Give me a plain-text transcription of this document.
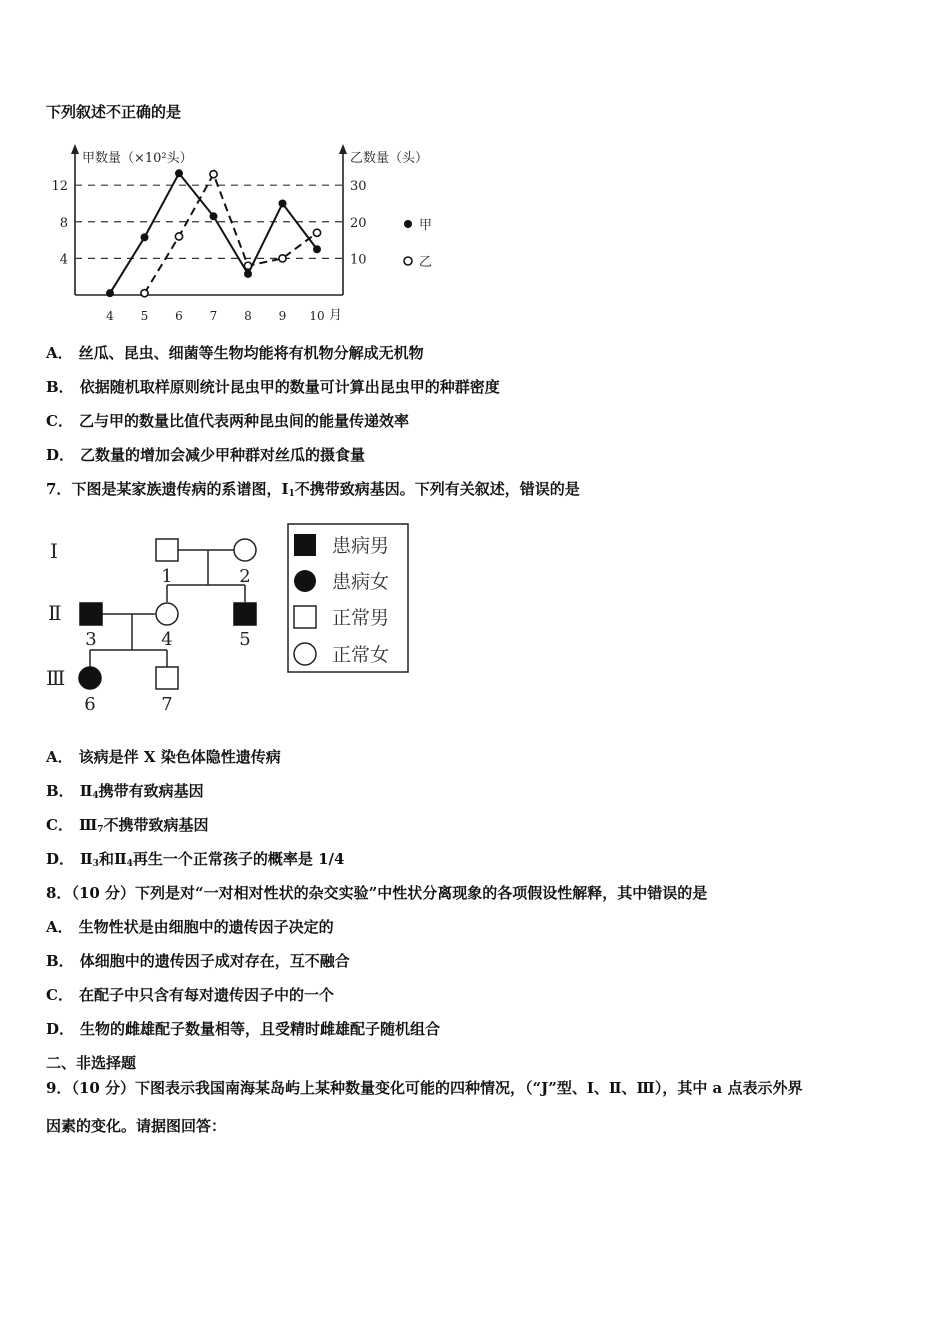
下列叙述不正确的是
甲数量（×10²头）	乙数量（头）
4
8
12
10
20
30
4 5 6 7 8 9 10 月
甲
乙
A． 丝瓜、昆虫、细菌等生物均能将有机物分解成无机物
B． 依据随机取样原则统计昆虫甲的数量可计算出昆虫甲的种群密度
C． 乙与甲的数量比值代表两种昆虫间的能量传递效率
D． 乙数量的增加会减少甲种群对丝瓜的摄食量
7．下图是某家族遗传病的系谱图，$Ⅰ_1$不携带致病基因。下列有关叙述，错误的是
Ⅰ
Ⅱ
Ⅲ
1	2
3	4	5
6	7
患病男
患病女
正常男
正常女
A． 该病是伴 X 染色体隐性遗传病
B． $Ⅱ_4$携带有致病基因
C． $Ⅲ_7$不携带致病基因
D． $Ⅱ_3$和$Ⅱ_4$再生一个正常孩子的概率是 1/4
8．（10 分）下列是对“一对相对性状的杂交实验”中性状分离现象的各项假设性解释，其中错误的是
A． 生物性状是由细胞中的遗传因子决定的
B． 体细胞中的遗传因子成对存在，互不融合
C． 在配子中只含有每对遗传因子中的一个
D． 生物的雌雄配子数量相等，且受精时雌雄配子随机组合
二、非选择题
9．（10 分）下图表示我国南海某岛屿上某种数量变化可能的四种情况，（“J”型、Ⅰ、Ⅱ、Ⅲ），其中 a 点表示外界
因素的变化。请据图回答：
